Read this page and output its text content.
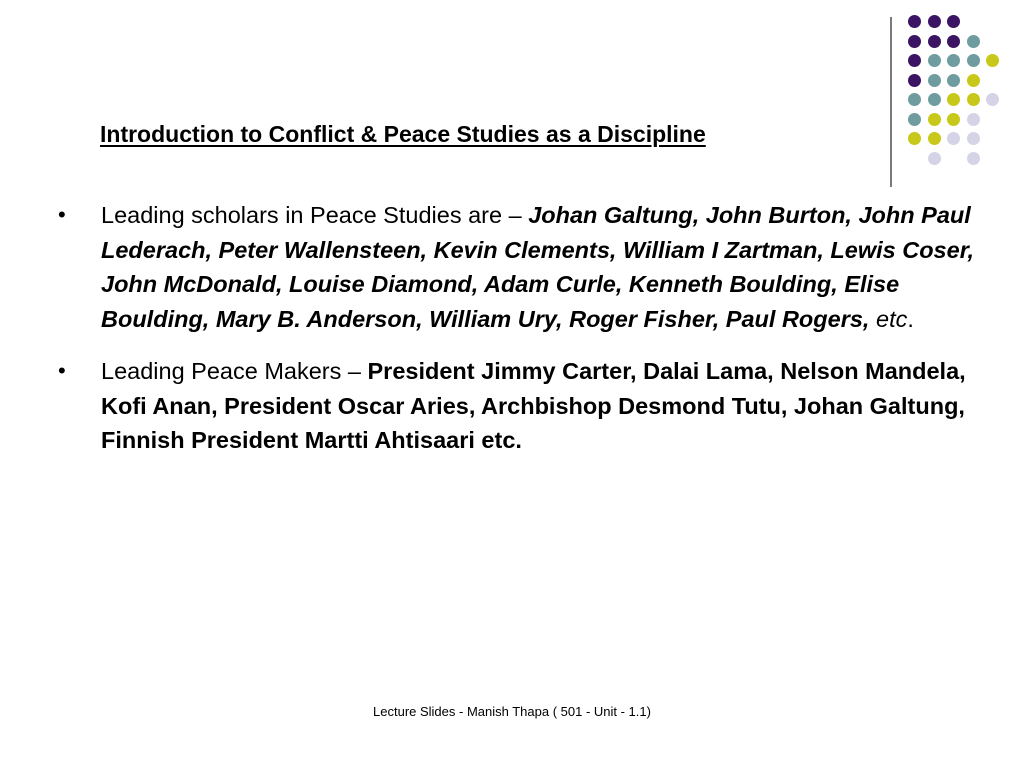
Introduction to Conflict & Peace Studies as a Discipline
• Leading scholars in Peace Studies are – Johan Galtung, John Burton, John Paul Lederach, Peter Wallensteen, Kevin Clements, William I Zartman, Lewis Coser, John McDonald, Louise Diamond, Adam Curle, Kenneth Boulding, Elise Boulding, Mary B. Anderson, William Ury, Roger Fisher, Paul Rogers, etc.
• Leading Peace Makers – President Jimmy Carter, Dalai Lama, Nelson Mandela, Kofi Anan, President Oscar Aries, Archbishop Desmond Tutu, Johan Galtung, Finnish President Martti Ahtisaari etc.
Lecture Slides - Manish Thapa ( 501 - Unit - 1.1)
